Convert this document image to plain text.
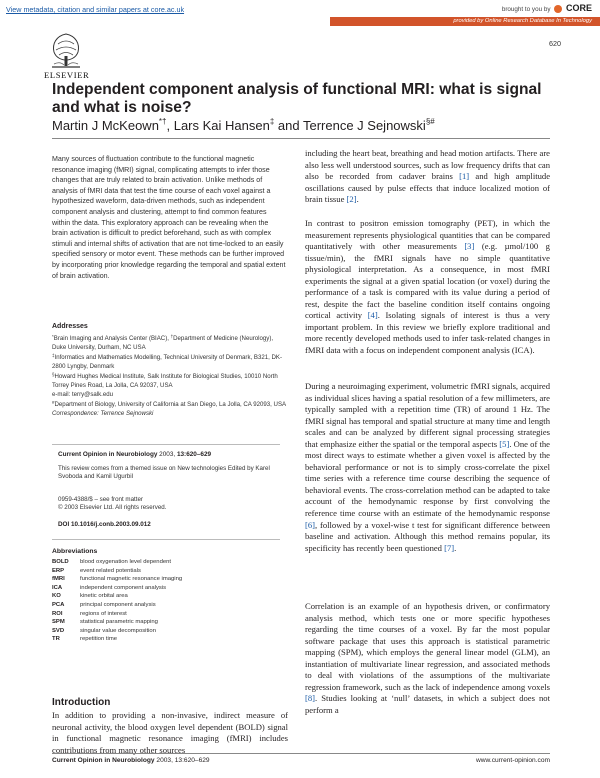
View metadata, citation and similar papers at core.ac.uk	brought to you by CORE
provided by Online Research Database In Technology
ELSEVIER
620
Independent component analysis of functional MRI: what is signal and what is noise?
Martin J McKeown*†, Lars Kai Hansen‡ and Terrence J Sejnowski§#
Many sources of fluctuation contribute to the functional magnetic resonance imaging (fMRI) signal, complicating attempts to infer those changes that are truly related to brain activation. Unlike methods of analysis of fMRI data that test the time course of each voxel against a hypothesized waveform, data-driven methods, such as independent component analysis and clustering, attempt to find common features within the data. This exploratory approach can be revealing when the brain activation is difficult to predict beforehand, such as with complex stimuli and internal shifts of activation that are not time-locked to an easily specified sensory or motor event. These methods can be further improved by incorporating prior knowledge regarding the temporal and spatial extent of brain activation.
Addresses
*Brain Imaging and Analysis Center (BIAC), †Department of Medicine (Neurology), Duke University, Durham, NC USA
‡Informatics and Mathematics Modelling, Technical University of Denmark, B321, DK-2800 Lyngby, Denmark
§Howard Hughes Medical Institute, Salk Institute for Biological Studies, 10010 North Torrey Pines Road, La Jolla, CA 92037, USA
e-mail: terry@salk.edu
#Department of Biology, University of California at San Diego, La Jolla, CA 92093, USA
Correspondence: Terrence Sejnowski
Current Opinion in Neurobiology 2003, 13:620–629
This review comes from a themed issue on New technologies Edited by Karel Svoboda and Kamil Ugurbil
0959-4388/$ – see front matter
© 2003 Elsevier Ltd. All rights reserved.
DOI 10.1016/j.conb.2003.09.012
Abbreviations
BOLD	blood oxygenation level dependent
ERP	event related potentials
fMRI	functional magnetic resonance imaging
ICA	independent component analysis
KO	kinetic orbital area
PCA	principal component analysis
ROI	regions of interest
SPM	statistical parametric mapping
SVD	singular value decomposition
TR	repetition time
Introduction
In addition to providing a non-invasive, indirect measure of neuronal activity, the blood oxygen level dependent (BOLD) signal in functional magnetic resonance imaging (fMRI) includes contributions from many other sources
including the heart beat, breathing and head motion artifacts. There are also less well understood sources, such as low frequency drifts that can also be recorded from cadaver brains [1] and high amplitude oscillations caused by pulse effects that induce localized motion of brain tissue [2].
In contrast to positron emission tomography (PET), in which the measurement represents physiological quantities that can be compared quantitatively with other measurements [3] (e.g. µmol/100 g tissue/min), the fMRI signals have no simple quantitative physiological interpretation. As a consequence, in most fMRI experiments the signal at a given spatial location (or voxel) during the performance of a task is compared with its value during a period of rest, despite the fact the baseline condition itself contains ongoing cortical activity [4]. Isolating signals of interest is thus a very important problem. In this review we briefly explore traditional and more recently developed methods used to infer task-related changes in fMRI data with a focus on independent component analysis (ICA).
During a neuroimaging experiment, volumetric fMRI signals, acquired as individual slices having a spatial resolution of a few millimeters, are typically sampled with a repetition time (TR) of around 1 Hz. The fMRI signal has temporal and spatial structure at many time and length scales and can be analyzed by different signal processing strategies that emphasize either the spatial or the temporal aspects [5]. One of the most direct ways to estimate whether a given voxel is affected by the behavioral performance or not is to simply cross-correlate the pixel time series with a reference time course describing the sequence of behavioral events. The cross-correlation method can be adapted to take account of the hemodynamic response by first convolving the reference time course with an estimate of the hemodynamic response [6], followed by a voxel-wise t test for significant difference between baseline and activation. Although this method remains popular, its specificity has recently been questioned [7].
Correlation is an example of an hypothesis driven, or confirmatory analysis method, which tests one or more specific hypotheses regarding the time courses of a voxel. By far the most popular software package that uses this approach is statistical parametric mapping (SPM), which employs the general linear model (GLM), an instantiation of multivariate linear regression, and associated methods to deal with violations of the assumptions of the multivariate regression framework, such as the lack of independence among voxels [8]. Studies looking at ‘null’ datasets, in which a subject does not perform a
Current Opinion in Neurobiology 2003, 13:620–629	www.current-opinion.com
